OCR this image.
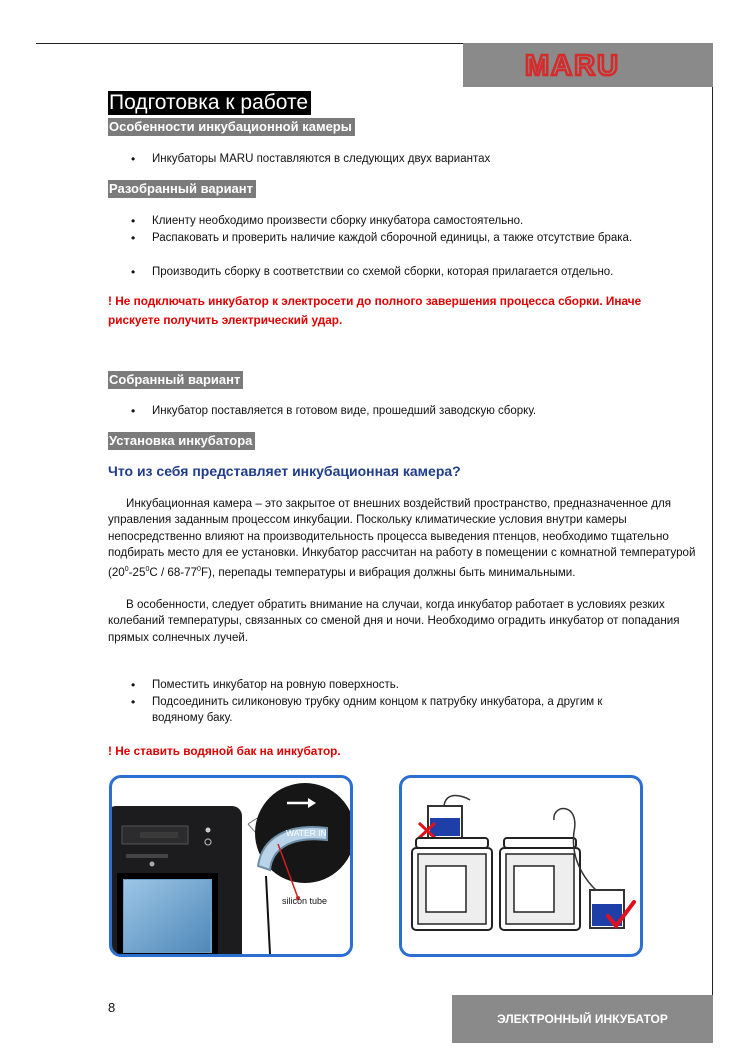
MARU
Подготовка к работе
Особенности инкубационной камеры
• Инкубаторы MARU поставляются в следующих двух вариантах
Разобранный вариант
• Клиенту необходимо произвести сборку инкубатора самостоятельно.
• Распаковать и проверить наличие каждой сборочной единицы, а также отсутствие брака.
• Производить сборку в соответствии со схемой сборки, которая прилагается отдельно.
! Не подключать инкубатор к электросети до полного завершения процесса сборки. Иначе рискуете получить электрический удар.
Собранный вариант
• Инкубатор поставляется в готовом виде, прошедший заводскую сборку.
Установка инкубатора
Что из себя представляет инкубационная камера?
Инкубационная камера – это закрытое от внешних воздействий пространство, предназначенное для управления заданным процессом инкубации. Поскольку климатические условия внутри камеры непосредственно влияют на производительность процесса выведения птенцов, необходимо тщательно подбирать место для ее установки. Инкубатор рассчитан на работу в помещении с комнатной температурой $(20^0-25^0C / 68-77^0F)$, перепады температуры и вибрация должны быть минимальными.
В особенности, следует обратить внимание на случаи, когда инкубатор работает в условиях резких колебаний температуры, связанных со сменой дня и ночи. Необходимо оградить инкубатор от попадания прямых солнечных лучей.
• Поместить инкубатор на ровную поверхность.
• Подсоединить силиконовую трубку одним концом к патрубку инкубатора, а другим к водяному баку.
! Не ставить водяной бак на инкубатор.
WATER IN
silicon tube
8
ЭЛЕКТРОННЫЙ ИНКУБАТОР
